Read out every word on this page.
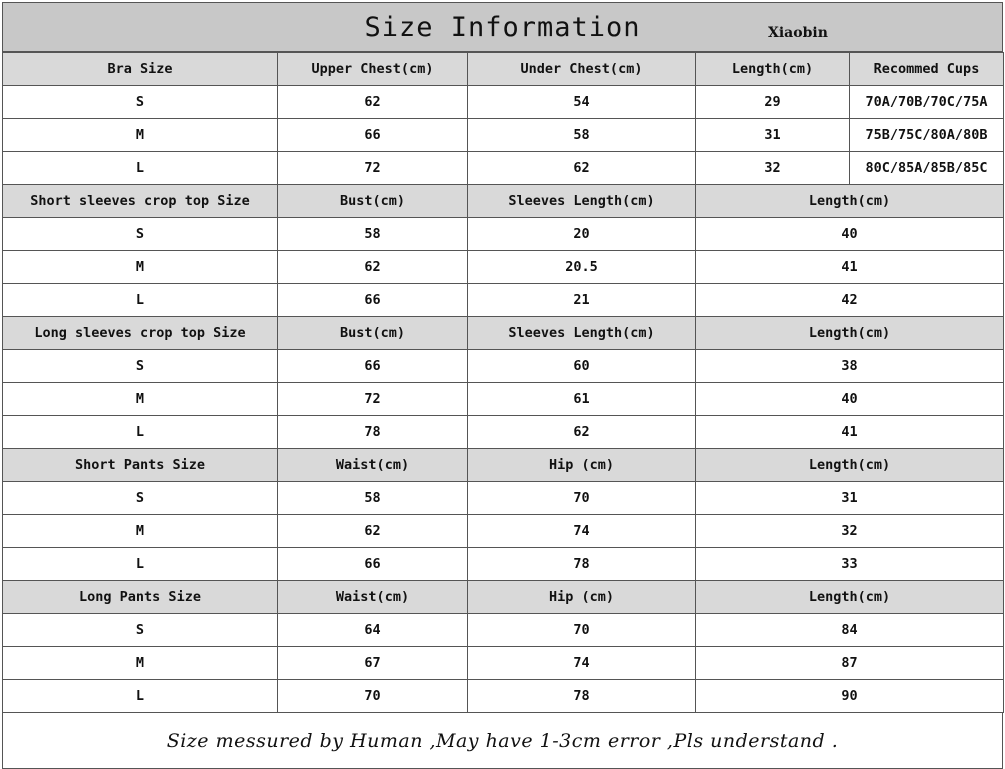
Size Information	Xiaobin
Bra Size	Upper Chest(cm)	Under Chest(cm)	Length(cm)	Recommed Cups
S	62	54	29	70A/70B/70C/75A
M	66	58	31	75B/75C/80A/80B
L	72	62	32	80C/85A/85B/85C
Short sleeves crop top Size	Bust(cm)	Sleeves Length(cm)	Length(cm)	
S	58	20	40	
M	62	20.5	41	
L	66	21	42	
Long sleeves crop top Size	Bust(cm)	Sleeves Length(cm)	Length(cm)	
S	66	60	38	
M	72	61	40	
L	78	62	41	
Short Pants Size	Waist(cm)	Hip (cm)	Length(cm)	
S	58	70	31	
M	62	74	32	
L	66	78	33	
Long Pants Size	Waist(cm)	Hip (cm)	Length(cm)	
S	64	70	84	
M	67	74	87	
L	70	78	90	
Size messured by Human ,May have 1-3cm error ,Pls understand .
